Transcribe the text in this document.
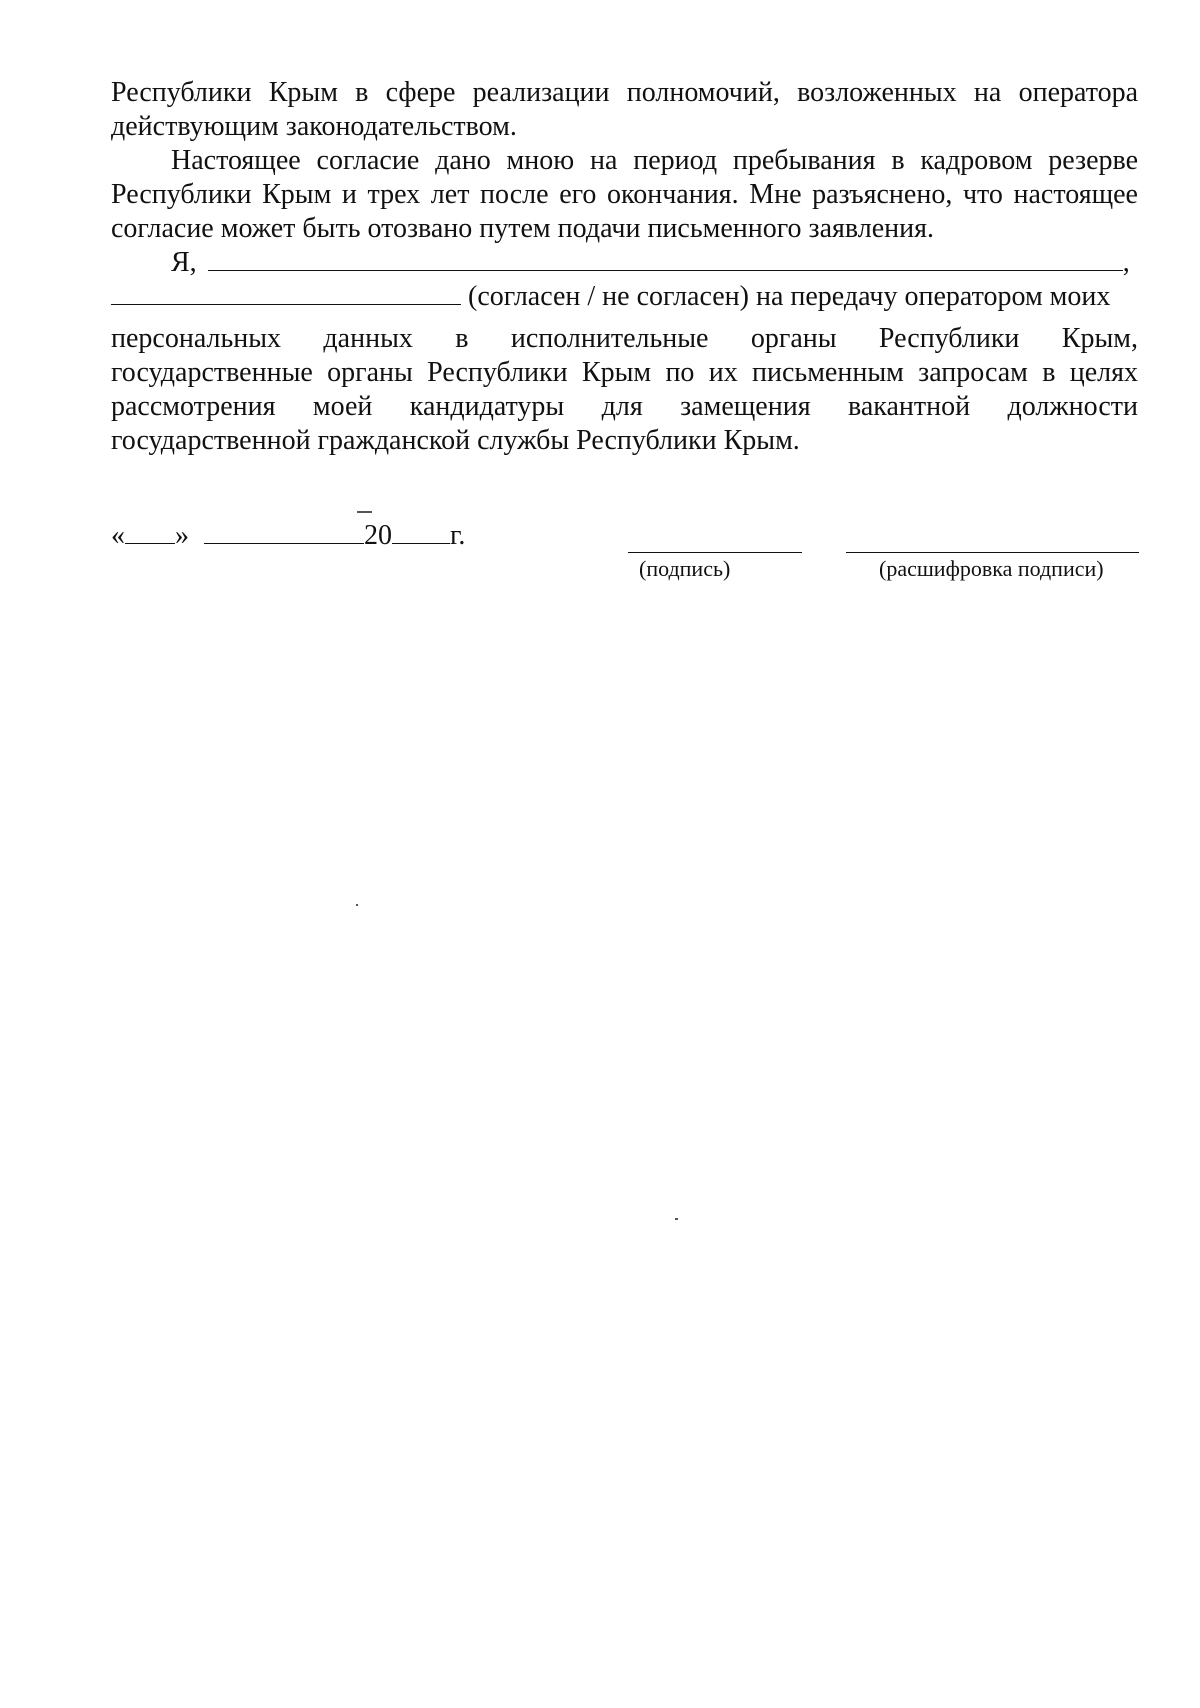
Республики Крым в сфере реализации полномочий, возложенных на оператора
действующим законодательством.
Настоящее согласие дано мною на период пребывания в кадровом резерве
Республики Крым и трех лет после его окончания. Мне разъяснено, что настоящее
согласие может быть отозвано путем подачи письменного заявления.
Я,	,
(согласен / не согласен) на передачу оператором моих
персональных данных в исполнительные органы Республики Крым,
государственные органы Республики Крым по их письменным запросам в целях
рассмотрения моей кандидатуры для замещения вакантной должности
государственной гражданской службы Республики Крым.
« »	20 г.
(подпись)	(расшифровка подписи)
